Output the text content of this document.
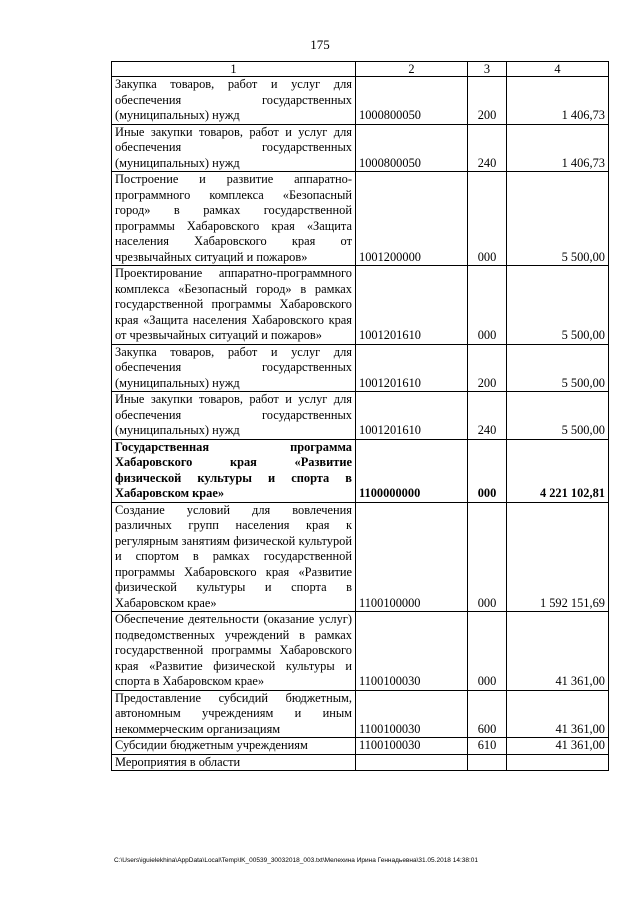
175
1	2	3	4
Закупка товаров, работ и услуг для обеспечения государственных (муниципальных) нужд	1000800050	200	1 406,73
Иные закупки товаров, работ и услуг для обеспечения государственных (муниципальных) нужд	1000800050	240	1 406,73
Построение и развитие аппаратно-программного комплекса «Безопасный город» в рамках государственной программы Хабаровского края «Защита населения Хабаровского края от чрезвычайных ситуаций и пожаров»	1001200000	000	5 500,00
Проектирование аппаратно-программного комплекса «Безопасный город» в рамках государственной программы Хабаровского края «Защита населения Хабаровского края от чрезвычайных ситуаций и пожаров»	1001201610	000	5 500,00
Закупка товаров, работ и услуг для обеспечения государственных (муниципальных) нужд	1001201610	200	5 500,00
Иные закупки товаров, работ и услуг для обеспечения государственных (муниципальных) нужд	1001201610	240	5 500,00
Государственная программа Хабаровского края «Развитие физической культуры и спорта в Хабаровском крае»	1100000000	000	4 221 102,81
Создание условий для вовлечения различных групп населения края к регулярным занятиям физической культурой и спортом в рамках государственной программы Хабаровского края «Развитие физической культуры и спорта в Хабаровском крае»	1100100000	000	1 592 151,69
Обеспечение деятельности (оказание услуг) подведомственных учреждений в рамках государственной программы Хабаровского края «Развитие физической культуры и спорта в Хабаровском крае»	1100100030	000	41 361,00
Предоставление субсидий бюджетным, автономным учреждениям и иным некоммерческим организациям	1100100030	600	41 361,00
Субсидии бюджетным учреждениям	1100100030	610	41 361,00
Мероприятия в области			
C:\Users\iguielekhina\AppData\Local\Temp\IK_00539_30032018_003.txt\Мелехина Ирина Геннадьевна\31.05.2018 14:38:01
